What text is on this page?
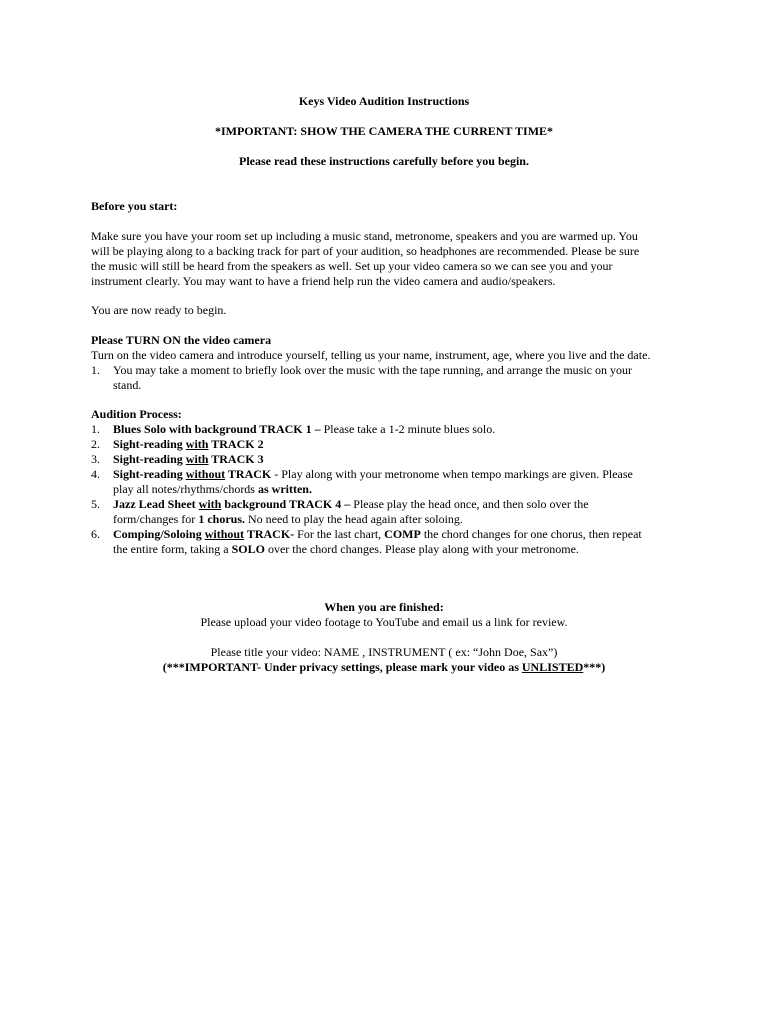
Keys Video Audition Instructions
*IMPORTANT: SHOW THE CAMERA THE CURRENT TIME*
Please read these instructions carefully before you begin.
Before you start:
Make sure you have your room set up including a music stand, metronome, speakers and you are warmed up. You
will be playing along to a backing track for part of your audition, so headphones are recommended. Please be sure
the music will still be heard from the speakers as well. Set up your video camera so we can see you and your
instrument clearly. You may want to have a friend help run the video camera and audio/speakers.
You are now ready to begin.
Please TURN ON the video camera
Turn on the video camera and introduce yourself, telling us your name, instrument, age, where you live and the date.
1. You may take a moment to briefly look over the music with the tape running, and arrange the music on your
stand.
Audition Process:
1. Blues Solo with background TRACK 1 – Please take a 1-2 minute blues solo.
2. Sight-reading with TRACK 2
3. Sight-reading with TRACK 3
4. Sight-reading without TRACK - Play along with your metronome when tempo markings are given. Please
play all notes/rhythms/chords as written.
5. Jazz Lead Sheet with background TRACK 4 – Please play the head once, and then solo over the
form/changes for 1 chorus. No need to play the head again after soloing.
6. Comping/Soloing without TRACK- For the last chart, COMP the chord changes for one chorus, then repeat
the entire form, taking a SOLO over the chord changes. Please play along with your metronome.
When you are finished:
Please upload your video footage to YouTube and email us a link for review.
Please title your video: NAME , INSTRUMENT ( ex: “John Doe, Sax”)
(***IMPORTANT- Under privacy settings, please mark your video as UNLISTED***)
